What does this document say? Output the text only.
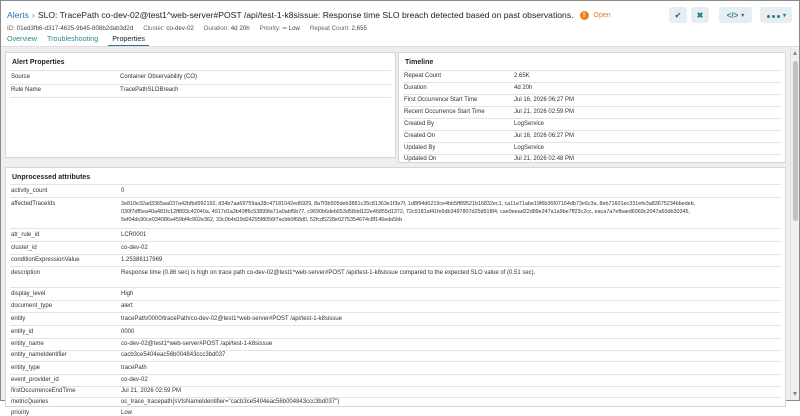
Alerts › SLO: TracePath co-dev-02@test1^web-server#POST /api/test-1-k8sissue: Response time SLO breach detected based on past observations.	!	Open
ID: 01ed3fb6-d317-4625-9b45-808b2dab3d2d Cluster: co-dev-02 Duration: 4d 20h Priority: ═ Low Repeat Count: 2,655
✔ ✖	</> ▾	▾
Overview Troubleshooting	Properties
Alert Properties
Source	Container Observability (CO)
Rule Name	TracePathSLOBreach
Timeline
Repeat Count	2.65K
Duration	4d 20h
First Occurrence Start Time	Jul 16, 2026 06:27 PM
Recent Occurrence Start Time	Jul 21, 2026 02:59 PM
Created By	LogService
Created On	Jul 16, 2026 06:27 PM
Updated By	LogService
Updated On	Jul 21, 2026 02:48 PM
Unprocessed attributes
activity_count	0
affectedTraceIds	3e810e32ad3365aa037a42bfbd992192, d34b7aa69759aa28c47181042ed6929, 8a7f3b505deb3881c35c81363e1f3e7f, 1d8f94d6219ce4bb5ff89521b16832ec1, ca11e71abe19f6b36f07164db73e6c3a, 8eb71601ec331efe3a83675234bbedeb,
030f7df5ea40a481fc12ff893c42040a, 4917d1a3b43ff6c53899fa71a0abf5b77, c9690b6deb653d58dd122e46855d1372, 72c9181af41fe6db3497807d25d91f84, cae9eead22d89e247a1a9be7ff23c2cc, eaca7a7efbaed6069c2047a60db30345,
5ef04dc90ce034086a459bf4c902e362, 33c0b4d19d24295f8056f7acbb0f68d0, 52fcd5228e0275354674c8f146eda5bb
atr_rule_id	LCR0001
cluster_id	co-dev-02
conditionExpressionValue	1.25386117969
description	Response time (0.86 sec) is high on trace path co-dev-02@test1^web-server#POST /api/test-1-k8sissue compared to the expected SLO value of (0.51 sec).
display_level	High
document_type	alert
entity	tracePath/0000/tracePath/co-dev-02@test1^web-server#POST /api/test-1-k8sissue
entity_id	0000
entity_name	co-dev-02@test1^web-server#POST /api/test-1-k8sissue
entity_nameIdentifier	cacb3ce5404eac56b004843ccc3bd037
entity_type	tracePath
event_provider_id	co-dev-02
firstOccurrenceEndTime	Jul 21, 2026 02:59 PM
metricQueries	oc_trace_tracepath{sVtsNameIdentifier="cacb3ce5404eac56b004843ccc3bd037"}
priority	Low
